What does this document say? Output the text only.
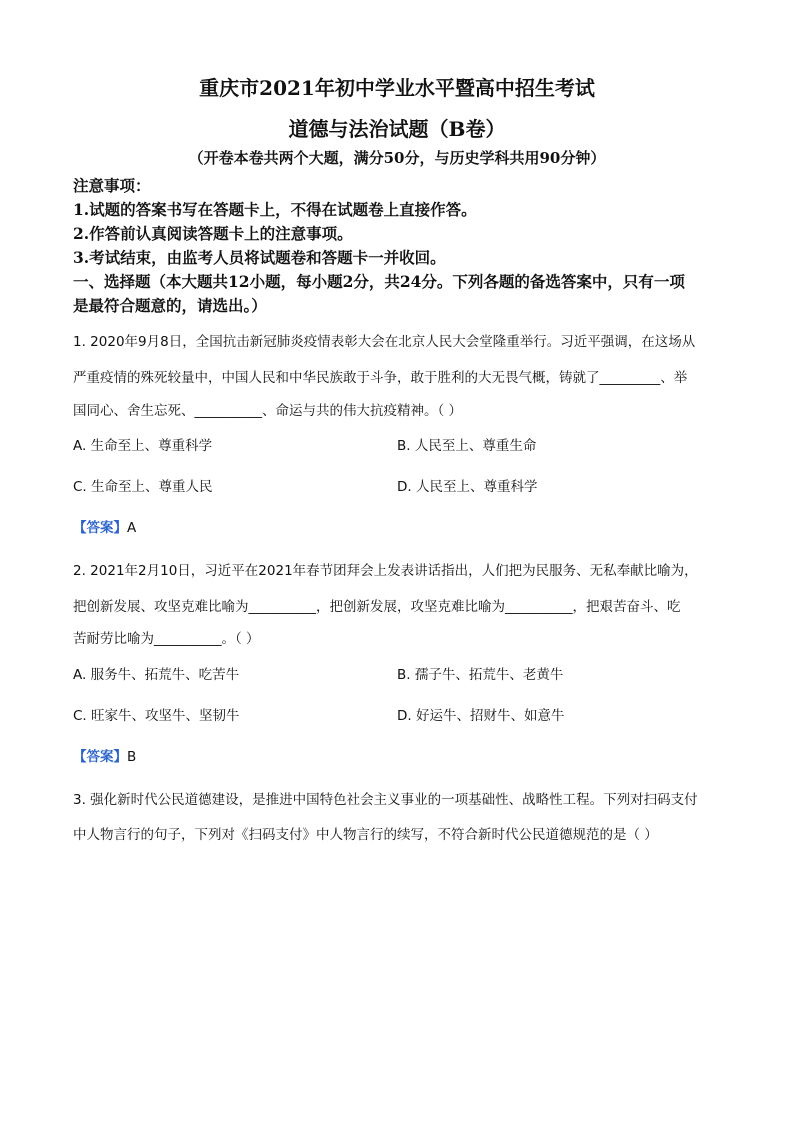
重庆市2021年初中学业水平暨高中招生考试
道德与法治试题（B卷）
（开卷本卷共两个大题，满分50分，与历史学科共用90分钟）
注意事项：
1.试题的答案书写在答题卡上，不得在试题卷上直接作答。
2.作答前认真阅读答题卡上的注意事项。
3.考试结束，由监考人员将试题卷和答题卡一并收回。
一、选择题（本大题共12小题，每小题2分，共24分。下列各题的备选答案中，只有一项
是最符合题意的，请选出。）
1. 2020年9月8日，全国抗击新冠肺炎疫情表彰大会在北京人民大会堂隆重举行。习近平强调，在这场从
严重疫情的殊死较量中，中国人民和中华民族敢于斗争，敢于胜利的大无畏气概，铸就了_________、举
国同心、舍生忘死、__________、命运与共的伟大抗疫精神。（ ）
A. 生命至上、尊重科学	B. 人民至上、尊重生命
C. 生命至上、尊重人民	D. 人民至上、尊重科学
【答案】A
2. 2021年2月10日，习近平在2021年春节团拜会上发表讲话指出，人们把为民服务、无私奉献比喻为，
把创新发展、攻坚克难比喻为__________，把创新发展，攻坚克难比喻为__________，把艰苦奋斗、吃
苦耐劳比喻为__________。（ ）
A. 服务牛、拓荒牛、吃苦牛	B. 孺子牛、拓荒牛、老黄牛
C. 旺家牛、攻坚牛、坚韧牛	D. 好运牛、招财牛、如意牛
【答案】B
3. 强化新时代公民道德建设，是推进中国特色社会主义事业的一项基础性、战略性工程。下列对扫码支付
中人物言行的句子，下列对《扫码支付》中人物言行的续写，不符合新时代公民道德规范的是（ ）
